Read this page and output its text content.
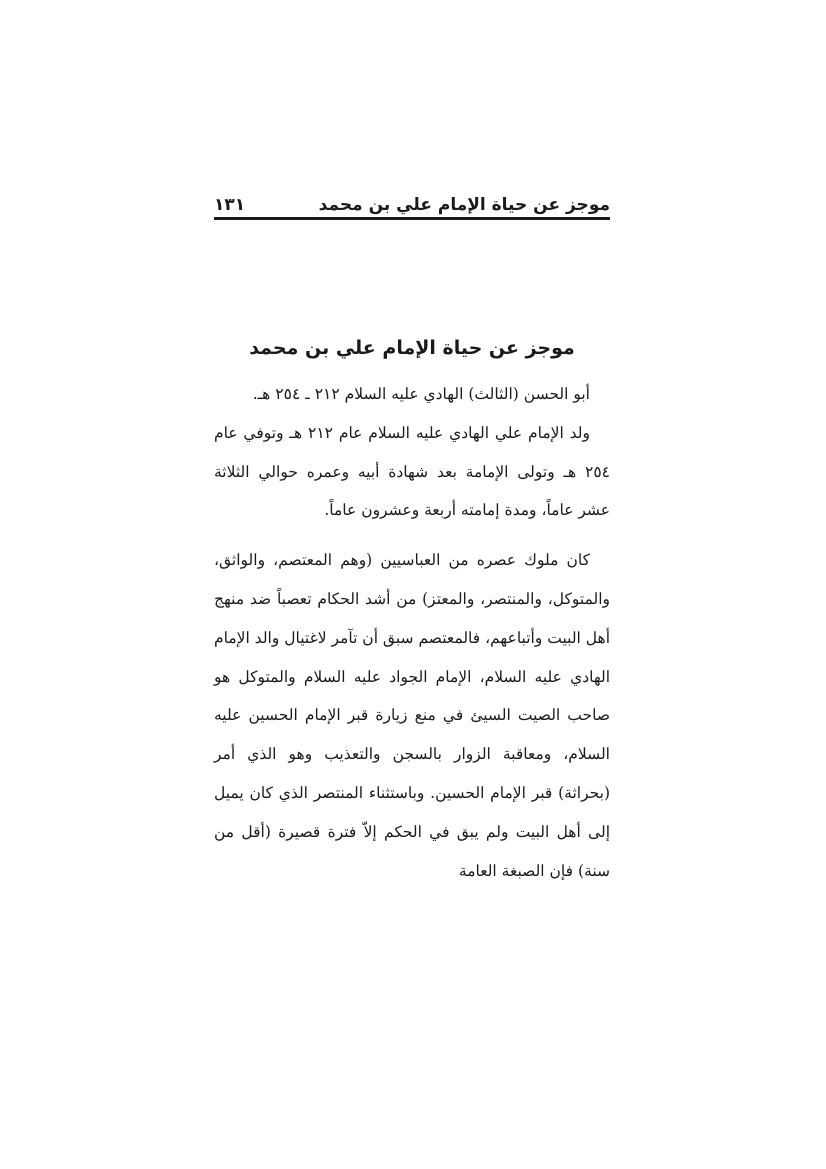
موجز عن حياة الإمام علي بن محمد
١٣١
موجز عن حياة الإمام علي بن محمد

أبو الحسن (الثالث) الهادي عليه السلام ٢١٢ ـ ٢٥٤ هـ.

ولد الإمام علي الهادي عليه السلام عام ٢١٢ هـ وتوفي عام ٢٥٤ هـ وتولى الإمامة بعد شهادة أبيه وعمره حوالي الثلاثة عشر عاماً، ومدة إمامته أربعة وعشرون عاماً.

كان ملوك عصره من العباسيين (وهم المعتصم، والواثق، والمتوكل، والمنتصر، والمعتز) من أشد الحكام تعصباً ضد منهج أهل البيت وأتباعهم، فالمعتصم سبق أن تآمر لاغتيال والد الإمام الهادي عليه السلام، الإمام الجواد عليه السلام والمتوكل هو صاحب الصيت السيئ في منع زيارة قبر الإمام الحسين عليه السلام، ومعاقبة الزوار بالسجن والتعذيب وهو الذي أمر (بحراثة) قبر الإمام الحسين. وباستثناء المنتصر الذي كان يميل إلى أهل البيت ولم يبق في الحكم إلاّ فترة قصيرة (أقل من سنة) فإن الصبغة العامة
